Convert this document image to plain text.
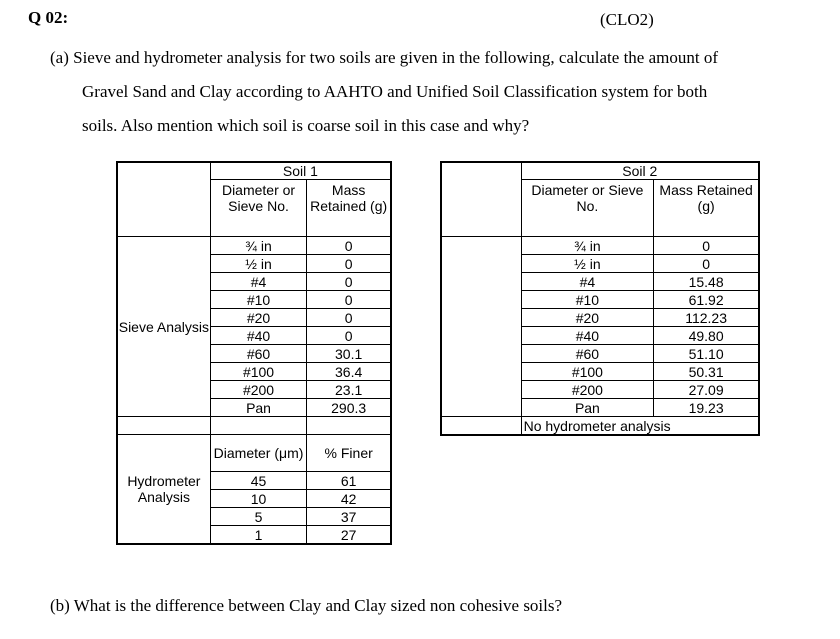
Q 02:	(CLO2)
(a) Sieve and hydrometer analysis for two soils are given in the following, calculate the amount of
Gravel Sand and Clay according to AAHTO and Unified Soil Classification system for both
soils. Also mention which soil is coarse soil in this case and why?
	Soil 1	
	Diameter or Sieve No.	Mass Retained (g)
Sieve Analysis	¾ in	0
	½ in	0
	#4	0
	#10	0
	#20	0
	#40	0
	#60	30.1
	#100	36.4
	#200	23.1
	Pan	290.3

Hydrometer Analysis	Diameter (μm)	% Finer
	45	61
	10	42
	5	37
	1	27
	Soil 2	
	Diameter or Sieve No.	Mass Retained (g)
	¾ in	0
	½ in	0
	#4	15.48
	#10	61.92
	#20	112.23
	#40	49.80
	#60	51.10
	#100	50.31
	#200	27.09
	Pan	19.23
	No hydrometer analysis	
(b) What is the difference between Clay and Clay sized non cohesive soils?
